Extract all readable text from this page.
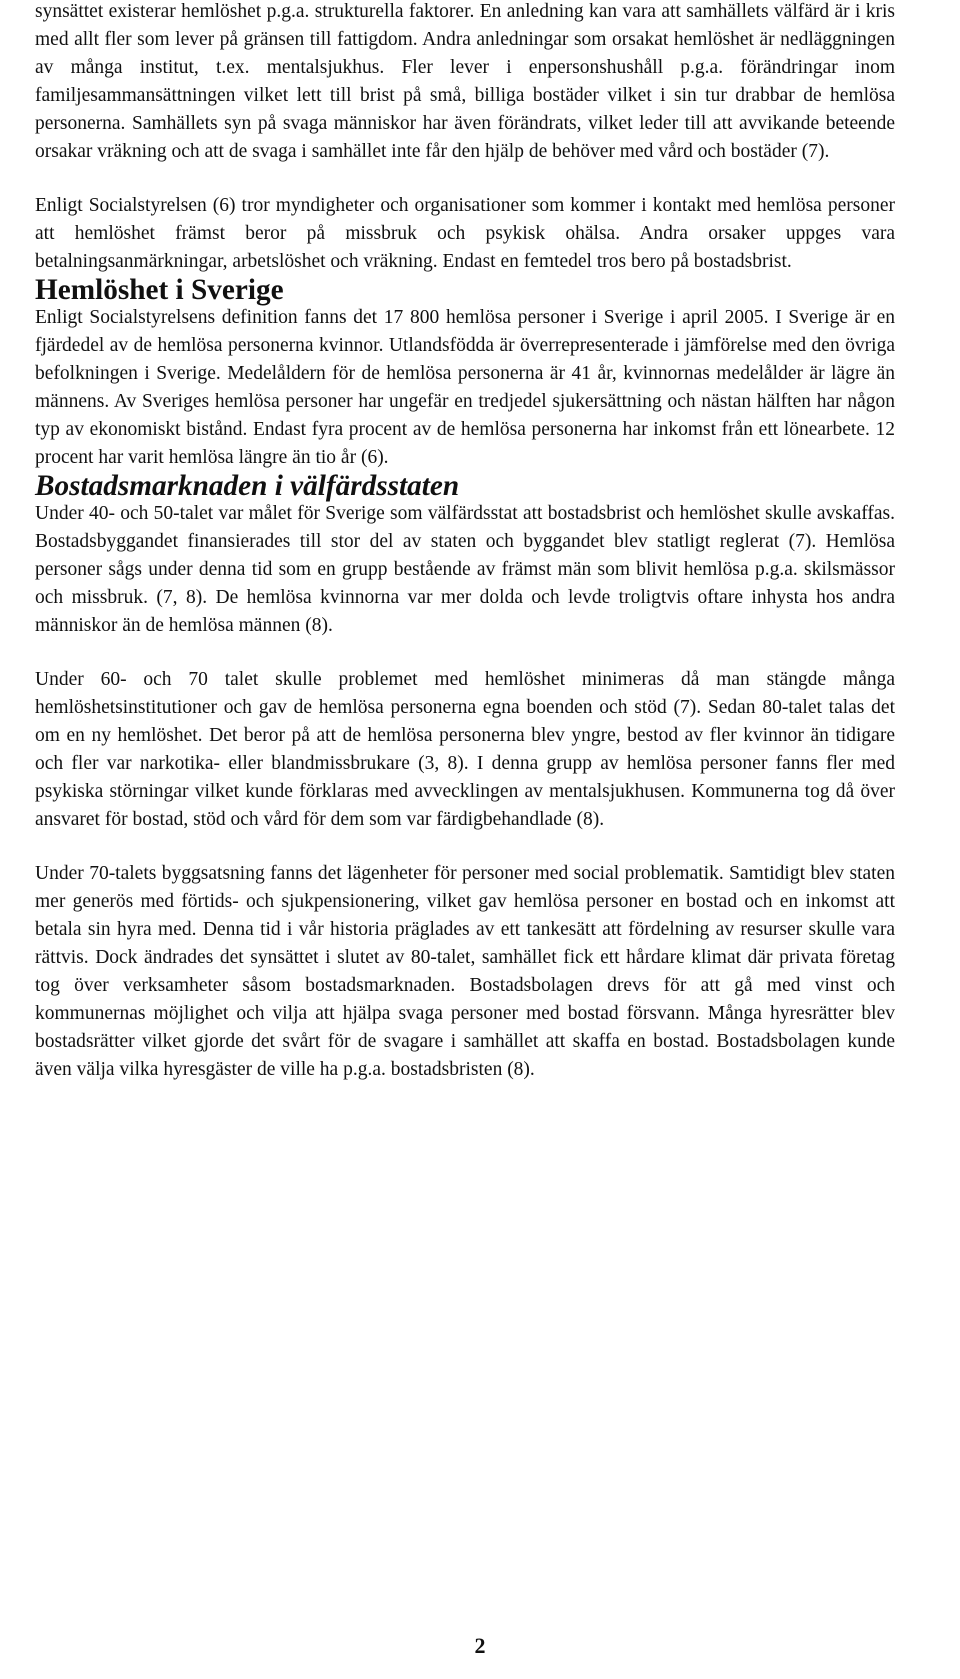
synsättet existerar hemlöshet p.g.a. strukturella faktorer. En anledning kan vara att samhällets välfärd är i kris med allt fler som lever på gränsen till fattigdom. Andra anledningar som orsakat hemlöshet är nedläggningen av många institut, t.ex. mentalsjukhus. Fler lever i enpersonshushåll p.g.a. förändringar inom familjesammansättningen vilket lett till brist på små, billiga bostäder vilket i sin tur drabbar de hemlösa personerna. Samhällets syn på svaga människor har även förändrats, vilket leder till att avvikande beteende orsakar vräkning och att de svaga i samhället inte får den hjälp de behöver med vård och bostäder (7).

Enligt Socialstyrelsen (6) tror myndigheter och organisationer som kommer i kontakt med hemlösa personer att hemlöshet främst beror på missbruk och psykisk ohälsa. Andra orsaker uppges vara betalningsanmärkningar, arbetslöshet och vräkning. Endast en femtedel tros bero på bostadsbrist.

Hemlöshet i Sverige

Enligt Socialstyrelsens definition fanns det 17 800 hemlösa personer i Sverige i april 2005. I Sverige är en fjärdedel av de hemlösa personerna kvinnor. Utlandsfödda är överrepresenterade i jämförelse med den övriga befolkningen i Sverige. Medelåldern för de hemlösa personerna är 41 år, kvinnornas medelålder är lägre än männens. Av Sveriges hemlösa personer har ungefär en tredjedel sjukersättning och nästan hälften har någon typ av ekonomiskt bistånd. Endast fyra procent av de hemlösa personerna har inkomst från ett lönearbete. 12 procent har varit hemlösa längre än tio år (6).

Bostadsmarknaden i välfärdsstaten

Under 40- och 50-talet var målet för Sverige som välfärdsstat att bostadsbrist och hemlöshet skulle avskaffas. Bostadsbyggandet finansierades till stor del av staten och byggandet blev statligt reglerat (7). Hemlösa personer sågs under denna tid som en grupp bestående av främst män som blivit hemlösa p.g.a. skilsmässor och missbruk. (7, 8). De hemlösa kvinnorna var mer dolda och levde troligtvis oftare inhysta hos andra människor än de hemlösa männen (8).

Under 60- och 70 talet skulle problemet med hemlöshet minimeras då man stängde många hemlöshetsinstitutioner och gav de hemlösa personerna egna boenden och stöd (7). Sedan 80-talet talas det om en ny hemlöshet. Det beror på att de hemlösa personerna blev yngre, bestod av fler kvinnor än tidigare och fler var narkotika- eller blandmissbrukare (3, 8). I denna grupp av hemlösa personer fanns fler med psykiska störningar vilket kunde förklaras med avvecklingen av mentalsjukhusen. Kommunerna tog då över ansvaret för bostad, stöd och vård för dem som var färdigbehandlade (8).

Under 70-talets byggsatsning fanns det lägenheter för personer med social problematik. Samtidigt blev staten mer generös med förtids- och sjukpensionering, vilket gav hemlösa personer en bostad och en inkomst att betala sin hyra med. Denna tid i vår historia präglades av ett tankesätt att fördelning av resurser skulle vara rättvis. Dock ändrades det synsättet i slutet av 80-talet, samhället fick ett hårdare klimat där privata företag tog över verksamheter såsom bostadsmarknaden. Bostadsbolagen drevs för att gå med vinst och kommunernas möjlighet och vilja att hjälpa svaga personer med bostad försvann. Många hyresrätter blev bostadsrätter vilket gjorde det svårt för de svagare i samhället att skaffa en bostad. Bostadsbolagen kunde även välja vilka hyresgäster de ville ha p.g.a. bostadsbristen (8).

2
